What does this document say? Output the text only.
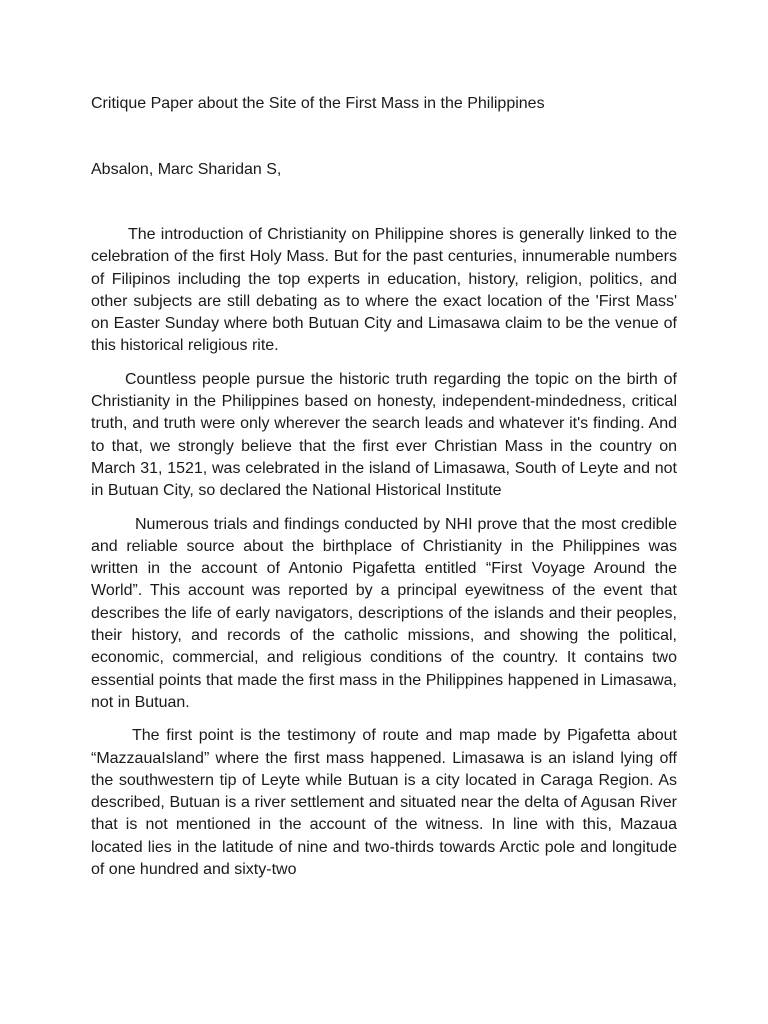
Critique Paper about the Site of the First Mass in the Philippines
Absalon, Marc Sharidan S,

The introduction of Christianity on Philippine shores is generally linked to the celebration of the first Holy Mass. But for the past centuries, innumerable numbers of Filipinos including the top experts in education, history, religion, politics, and other subjects are still debating as to where the exact location of the 'First Mass' on Easter Sunday where both Butuan City and Limasawa claim to be the venue of this historical religious rite.

Countless people pursue the historic truth regarding the topic on the birth of Christianity in the Philippines based on honesty, independent-mindedness, critical truth, and truth were only wherever the search leads and whatever it's finding. And to that, we strongly believe that the first ever Christian Mass in the country on March 31, 1521, was celebrated in the island of Limasawa, South of Leyte and not in Butuan City, so declared the National Historical Institute

Numerous trials and findings conducted by NHI prove that the most credible and reliable source about the birthplace of Christianity in the Philippines was written in the account of Antonio Pigafetta entitled “First Voyage Around the World”. This account was reported by a principal eyewitness of the event that describes the life of early navigators, descriptions of the islands and their peoples, their history, and records of the catholic missions, and showing the political, economic, commercial, and religious conditions of the country. It contains two essential points that made the first mass in the Philippines happened in Limasawa, not in Butuan.

The first point is the testimony of route and map made by Pigafetta about “MazzauaIsland” where the first mass happened. Limasawa is an island lying off the southwestern tip of Leyte while Butuan is a city located in Caraga Region. As described, Butuan is a river settlement and situated near the delta of Agusan River that is not mentioned in the account of the witness. In line with this, Mazaua located lies in the latitude of nine and two-thirds towards Arctic pole and longitude of one hundred and sixty-two
